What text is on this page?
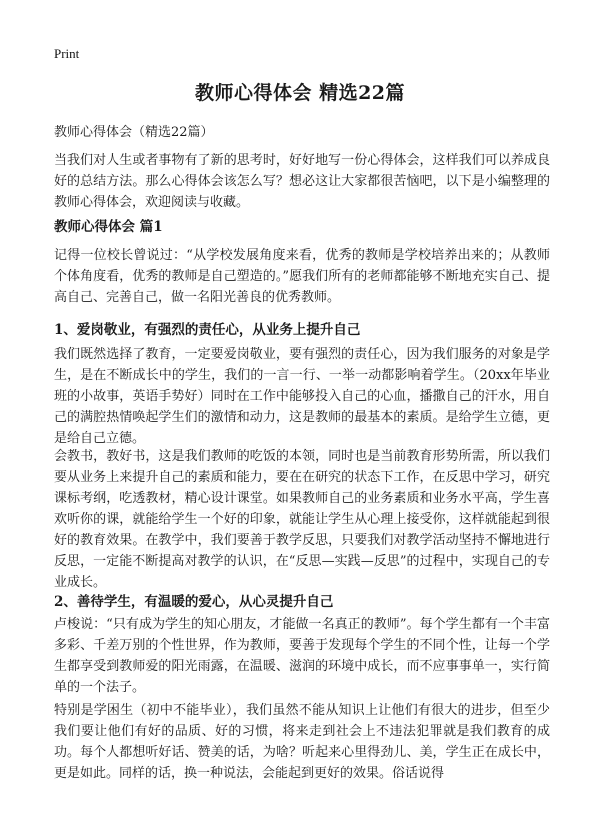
Print
教师心得体会 精选22篇
教师心得体会（精选22篇）
当我们对人生或者事物有了新的思考时，好好地写一份心得体会，这样我们可以养成良好的总结方法。那么心得体会该怎么写？想必这让大家都很苦恼吧，以下是小编整理的教师心得体会，欢迎阅读与收藏。
教师心得体会 篇1
记得一位校长曾说过：“从学校发展角度来看，优秀的教师是学校培养出来的；从教师个体角度看，优秀的教师是自己塑造的。”愿我们所有的老师都能够不断地充实自己、提高自己、完善自己，做一名阳光善良的优秀教师。
1、爱岗敬业，有强烈的责任心，从业务上提升自己
我们既然选择了教育，一定要爱岗敬业，要有强烈的责任心，因为我们服务的对象是学生，是在不断成长中的学生，我们的一言一行、一举一动都影响着学生。（20xx年毕业班的小故事，英语手势好）同时在工作中能够投入自己的心血，播撒自己的汗水，用自己的满腔热情唤起学生们的激情和动力，这是教师的最基本的素质。是给学生立德，更是给自己立德。
会教书，教好书，这是我们教师的吃饭的本领，同时也是当前教育形势所需，所以我们要从业务上来提升自己的素质和能力，要在在研究的状态下工作，在反思中学习，研究课标考纲，吃透教材，精心设计课堂。如果教师自己的业务素质和业务水平高，学生喜欢听你的课，就能给学生一个好的印象，就能让学生从心理上接受你，这样就能起到很好的教育效果。在教学中，我们要善于教学反思，只要我们对教学活动坚持不懈地进行反思，一定能不断提高对教学的认识，在“反思—实践—反思”的过程中，实现自己的专业成长。
2、善待学生，有温暖的爱心，从心灵提升自己
卢梭说：“只有成为学生的知心朋友，才能做一名真正的教师”。每个学生都有一个丰富多彩、千差万别的个性世界，作为教师，要善于发现每个学生的不同个性，让每一个学生都享受到教师爱的阳光雨露，在温暖、滋润的环境中成长，而不应事事单一，实行简单的一个法子。
特别是学困生（初中不能毕业），我们虽然不能从知识上让他们有很大的进步，但至少我们要让他们有好的品质、好的习惯，将来走到社会上不违法犯罪就是我们教育的成功。每个人都想听好话、赞美的话，为啥？听起来心里得劲儿、美，学生正在成长中，更是如此。同样的话，换一种说法，会能起到更好的效果。俗话说得
